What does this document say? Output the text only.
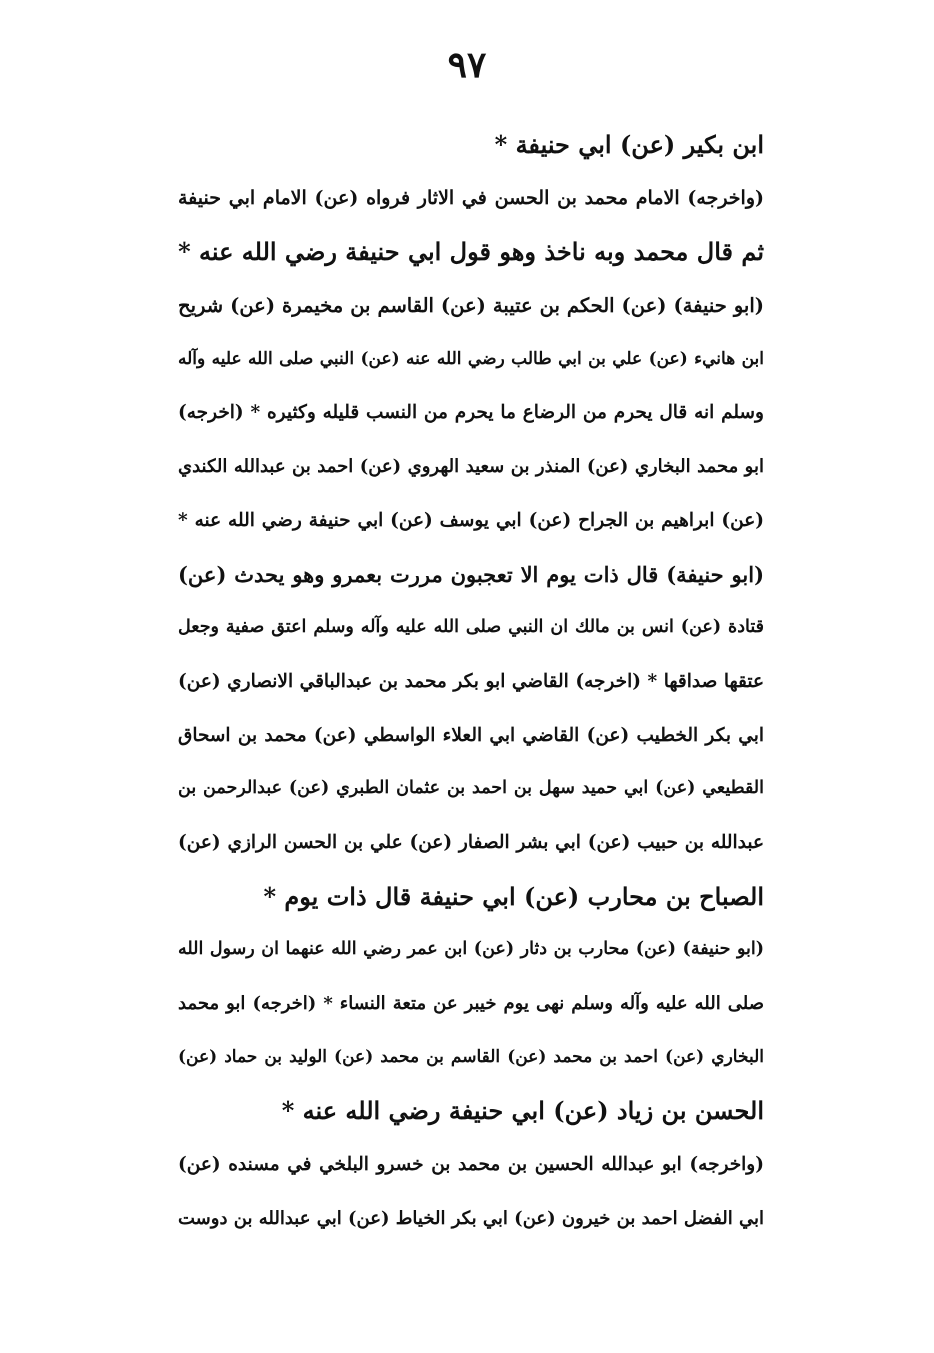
٩٧
ابن بكير (عن) ابي حنيفة *
(واخرجه) الامام محمد بن الحسن في الاثار فرواه (عن) الامام ابي حنيفة
ثم قال محمد وبه ناخذ وهو قول ابي حنيفة رضي الله عنه *
(ابو حنيفة) (عن) الحكم بن عتيبة (عن) القاسم بن مخيمرة (عن) شريح
ابن هانيء (عن) علي بن ابي طالب رضي الله عنه (عن) النبي صلى الله عليه وآله
وسلم انه قال يحرم من الرضاع ما يحرم من النسب قليله وكثيره * (اخرجه)
ابو محمد البخاري (عن) المنذر بن سعيد الهروي (عن) احمد بن عبدالله الكندي
(عن) ابراهيم بن الجراح (عن) ابي يوسف (عن) ابي حنيفة رضي الله عنه *
(ابو حنيفة) قال ذات يوم الا تعجبون مررت بعمرو وهو يحدث (عن)
قتادة (عن) انس بن مالك ان النبي صلى الله عليه وآله وسلم اعتق صفية وجعل
عتقها صداقها * (اخرجه) القاضي ابو بكر محمد بن عبدالباقي الانصاري (عن)
ابي بكر الخطيب (عن) القاضي ابي العلاء الواسطي (عن) محمد بن اسحاق
القطيعي (عن) ابي حميد سهل بن احمد بن عثمان الطبري (عن) عبدالرحمن بن
عبدالله بن حبيب (عن) ابي بشر الصفار (عن) علي بن الحسن الرازي (عن)
الصباح بن محارب (عن) ابي حنيفة قال ذات يوم *
(ابو حنيفة) (عن) محارب بن دثار (عن) ابن عمر رضي الله عنهما ان رسول الله
صلى الله عليه وآله وسلم نهى يوم خيبر عن متعة النساء * (اخرجه) ابو محمد
البخاري (عن) احمد بن محمد (عن) القاسم بن محمد (عن) الوليد بن حماد (عن)
الحسن بن زياد (عن) ابي حنيفة رضي الله عنه *
(واخرجه) ابو عبدالله الحسين بن محمد بن خسرو البلخي في مسنده (عن)
ابي الفضل احمد بن خيرون (عن) ابي بكر الخياط (عن) ابي عبدالله بن دوست
